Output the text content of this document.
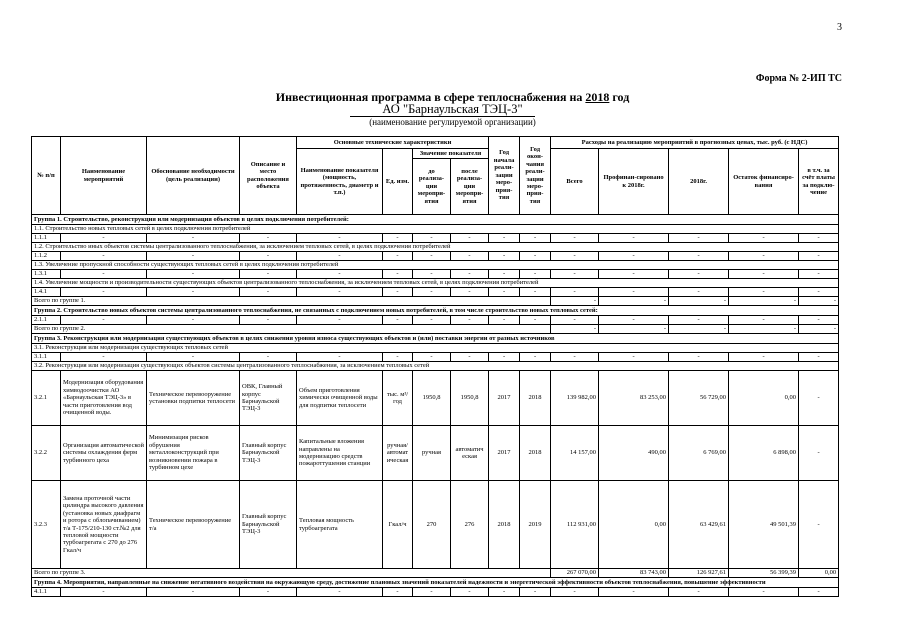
3
Форма № 2-ИП ТС
Инвестиционная программа в сфере теплоснабжения на 2018 год
АО "Барнаульская ТЭЦ-3"
(наименование регулируемой организации)
№ п/п	Наименование мероприятий	Обоснование необходимости (цель реализации)	Описание и место расположения объекта	Основные технические характеристики				Год начала реали-зации меро-прия-тия	Год окон-чания реали-зации меро-прия-тия	Расходы на реализацию мероприятий в прогнозных ценах, тыс. руб. (с НДС)				
				Наименование показателя (мощность, протяженность, диаметр и т.п.)	Ед. изм.	Значение показателя				Всего	Профинан-сировано к 2018г.	2018г.	Остаток финансиро-вания	в т.ч. за счёт платы за подклю-чение
						до реализа-ции меропри-ятия	после реализа-ции меропри-ятия							
Группа 1. Строительство, реконструкция или модернизация объектов в целях подключения потребителей:														
1.1. Строительство новых тепловых сетей в целях подключения потребителей														
1.1.1	-	-	-	-	-	-	-	-	-	-	-	-	-	-
1.2. Строительство иных объектов системы централизованного теплоснабжения, за исключением тепловых сетей, в целях подключения потребителей														
1.1.2	-	-	-	-	-	-	-	-	-	-	-	-	-	-
1.3. Увеличение пропускной способности существующих тепловых сетей в целях подключения потребителей														
1.3.1	-	-	-	-	-	-	-	-	-	-	-	-	-	-
1.4. Увеличение мощности и производительности существующих объектов централизованного теплоснабжения, за исключением тепловых сетей, в целях подключения потребителей														
1.4.1	-	-	-	-	-	-	-	-	-	-	-	-	-	-
Всего по группе 1.										-	-	-	-	-
Группа 2. Строительство новых объектов системы централизованного теплоснабжения, не связанных с подключением новых потребителей, в том числе строительство новых тепловых сетей:														
2.1.1	-	-	-	-	-	-	-	-	-	-	-	-	-	-
Всего по группе 2.										-	-	-	-	-
Группа 3. Реконструкция или модернизация существующих объектов в целях снижения уровня износа существующих объектов и (или) поставки энергии от разных источников														
3.1. Реконструкция или модернизация существующих тепловых сетей														
3.1.1	-	-	-	-	-	-	-	-	-	-	-	-	-	-
3.2. Реконструкция или модернизация существующих объектов системы централизованного теплоснабжения, за исключением тепловых сетей														
3.2.1	Модернизация оборудования химводоочистки АО «Барнаульская ТЭЦ-3» в части приготовления вод очищенной воды.	Техническое перевооружение установки подпитки теплосети	ОВК, Главный корпус Барнаульской ТЭЦ-3	Объем приготовления химически очищенной воды для подпитки теплосети	тыс. м³/год	1950,8	1950,8	2017	2018	139 982,00	83 253,00	56 729,00	0,00	-
3.2.2	Организация автоматической системы охлаждения ферм турбинного цеха	Минимизация рисков обрушения металлоконструкций при возникновении пожара в турбинном цехе	Главный корпус Барнаульской ТЭЦ-3	Капитальные вложения направлены на модернизацию средств пожароттушения станции	ручная/ автомат ическая	ручная	автоматич еская	2017	2018	14 157,00	490,00	6 769,00	6 898,00	-
3.2.3	Замена проточной части цилиндра высокого давления (установка новых диафрагм и ротора с облопачиванием) т/а Т-175/210-130 ст.№2 для тепловой мощности турбоагрегата с 270 до 276 Гкал/ч	Техническое перевооружение т/а	Главный корпус Барнаульской ТЭЦ-3	Тепловая мощность турбоагрегата	Гкал/ч	270	276	2018	2019	112 931,00	0,00	63 429,61	49 501,39	-
Всего по группе 3.										267 070,00	83 743,00	126 927,61	56 399,39	0,00
Группа 4. Мероприятия, направленные на снижение негативного воздействия на окружающую среду, достижение плановых значений показателей надежности и энергетической эффективности объектов теплоснабжения, повышение эффективности														
4.1.1	-	-	-	-	-	-	-	-	-	-	-	-	-	-
